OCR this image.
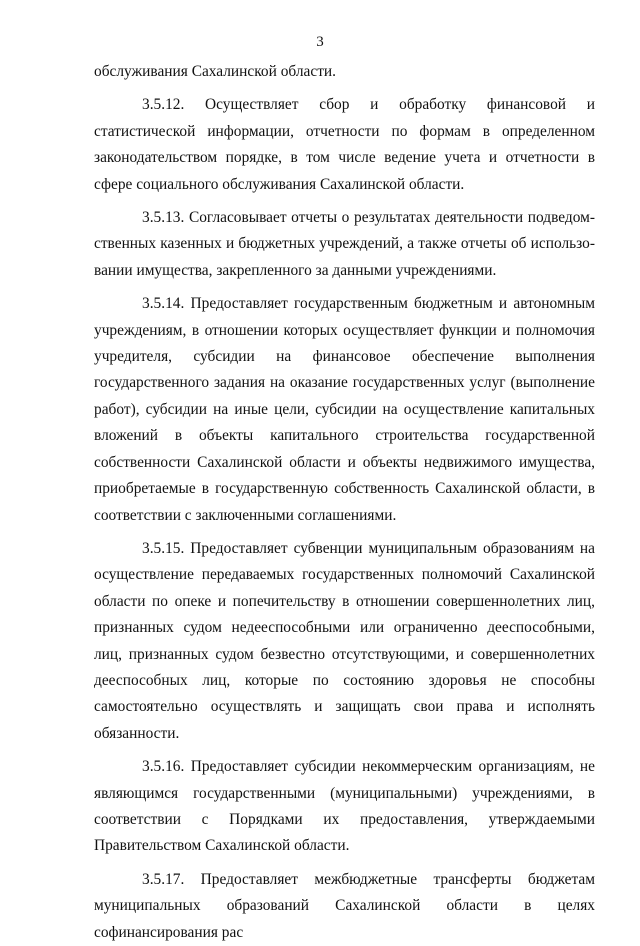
3

обслуживания Сахалинской области.

3.5.12. Осуществляет сбор и обработку финансовой и статистической информации, отчетности по формам в определенном законодательством порядке, в том числе ведение учета и отчетности в сфере социального обслуживания Сахалинской области.

3.5.13. Согласовывает отчеты о результатах деятельности подведомственных казенных и бюджетных учреждений, а также отчеты об использовании имущества, закрепленного за данными учреждениями.

3.5.14. Предоставляет государственным бюджетным и автономным учреждениям, в отношении которых осуществляет функции и полномочия учредителя, субсидии на финансовое обеспечение выполнения государственного задания на оказание государственных услуг (выполнение работ), субсидии на иные цели, субсидии на осуществление капитальных вложений в объекты капитального строительства государственной собственности Сахалинской области и объекты недвижимого имущества, приобретаемые в государственную собственность Сахалинской области, в соответствии с заключенными соглашениями.

3.5.15. Предоставляет субвенции муниципальным образованиям на осуществление передаваемых государственных полномочий Сахалинской области по опеке и попечительству в отношении совершеннолетних лиц, признанных судом недееспособными или ограниченно дееспособными, лиц, признанных судом безвестно отсутствующими, и совершеннолетних дееспособных лиц, которые по состоянию здоровья не способны самостоятельно осуществлять и защищать свои права и исполнять обязанности.

3.5.16. Предоставляет субсидии некоммерческим организациям, не являющимся государственными (муниципальными) учреждениями, в соответствии с Порядками их предоставления, утверждаемыми Правительством Сахалинской области.

3.5.17. Предоставляет межбюджетные трансферты бюджетам муниципальных образований Сахалинской области в целях софинансирования рас
